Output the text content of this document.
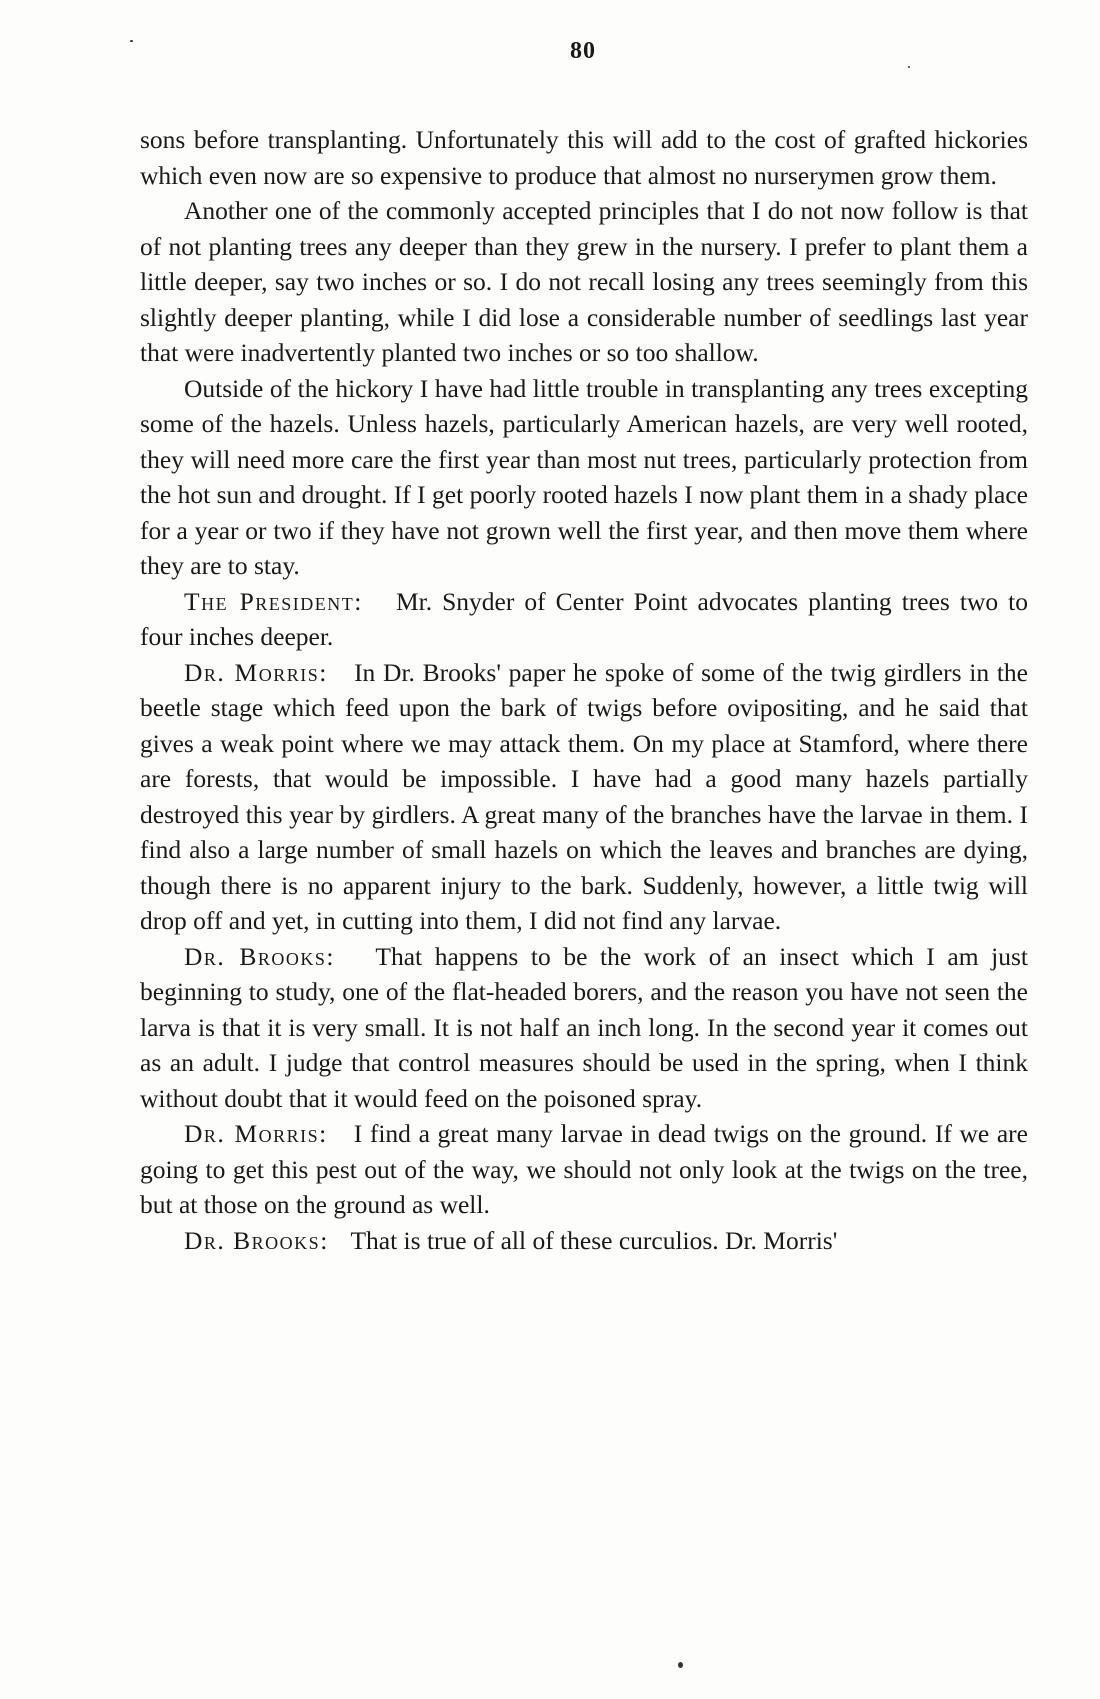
80

sons before transplanting. Unfortunately this will add to the cost of grafted hickories which even now are so expensive to produce that almost no nurserymen grow them.

Another one of the commonly accepted principles that I do not now follow is that of not planting trees any deeper than they grew in the nursery. I prefer to plant them a little deeper, say two inches or so. I do not recall losing any trees seemingly from this slightly deeper planting, while I did lose a considerable number of seedlings last year that were inadvertently planted two inches or so too shallow.

Outside of the hickory I have had little trouble in transplanting any trees excepting some of the hazels. Unless hazels, particularly American hazels, are very well rooted, they will need more care the first year than most nut trees, particularly protection from the hot sun and drought. If I get poorly rooted hazels I now plant them in a shady place for a year or two if they have not grown well the first year, and then move them where they are to stay.

The President:   Mr. Snyder of Center Point advocates planting trees two to four inches deeper.

Dr. Morris:   In Dr. Brooks' paper he spoke of some of the twig girdlers in the beetle stage which feed upon the bark of twigs before ovipositing, and he said that gives a weak point where we may attack them. On my place at Stamford, where there are forests, that would be impossible. I have had a good many hazels partially destroyed this year by girdlers. A great many of the branches have the larvae in them. I find also a large number of small hazels on which the leaves and branches are dying, though there is no apparent injury to the bark. Suddenly, however, a little twig will drop off and yet, in cutting into them, I did not find any larvae.

Dr. Brooks:   That happens to be the work of an insect which I am just beginning to study, one of the flat-headed borers, and the reason you have not seen the larva is that it is very small. It is not half an inch long. In the second year it comes out as an adult. I judge that control measures should be used in the spring, when I think without doubt that it would feed on the poisoned spray.

Dr. Morris:   I find a great many larvae in dead twigs on the ground. If we are going to get this pest out of the way, we should not only look at the twigs on the tree, but at those on the ground as well.

Dr. Brooks:   That is true of all of these curculios. Dr. Morris'
